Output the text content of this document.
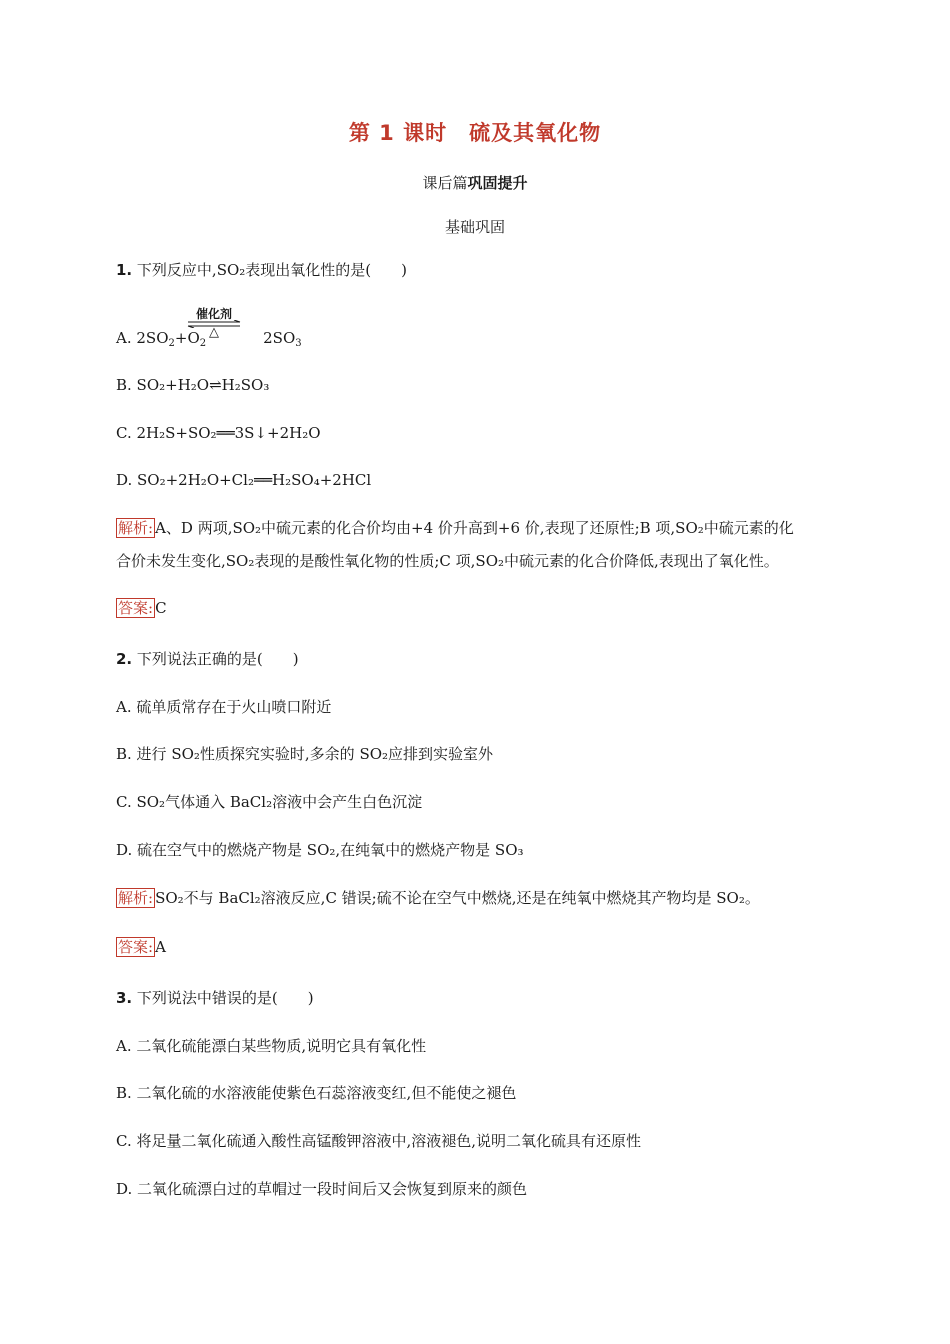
第 1 课时　硫及其氧化物
课后篇巩固提升
基础巩固
1. 下列反应中,SO₂表现出氧化性的是(　　)
催化剂
△
A. $2SO_2+O_2$	$2SO_3$
B. SO₂+H₂O⇌H₂SO₃
C. 2H₂S+SO₂══3S↓+2H₂O
D. SO₂+2H₂O+Cl₂══H₂SO₄+2HCl
解析: A、D 两项,SO₂中硫元素的化合价均由+4 价升高到+6 价,表现了还原性;B 项,SO₂中硫元素的化
合价未发生变化,SO₂表现的是酸性氧化物的性质;C 项,SO₂中硫元素的化合价降低,表现出了氧化性。
答案: C
2. 下列说法正确的是(　　)
A. 硫单质常存在于火山喷口附近
B. 进行 SO₂性质探究实验时,多余的 SO₂应排到实验室外
C. SO₂气体通入 BaCl₂溶液中会产生白色沉淀
D. 硫在空气中的燃烧产物是 SO₂,在纯氧中的燃烧产物是 SO₃
解析: SO₂不与 BaCl₂溶液反应,C 错误;硫不论在空气中燃烧,还是在纯氧中燃烧其产物均是 SO₂。
答案: A
3. 下列说法中错误的是(　　)
A. 二氧化硫能漂白某些物质,说明它具有氧化性
B. 二氧化硫的水溶液能使紫色石蕊溶液变红,但不能使之褪色
C. 将足量二氧化硫通入酸性高锰酸钾溶液中,溶液褪色,说明二氧化硫具有还原性
D. 二氧化硫漂白过的草帽过一段时间后又会恢复到原来的颜色
